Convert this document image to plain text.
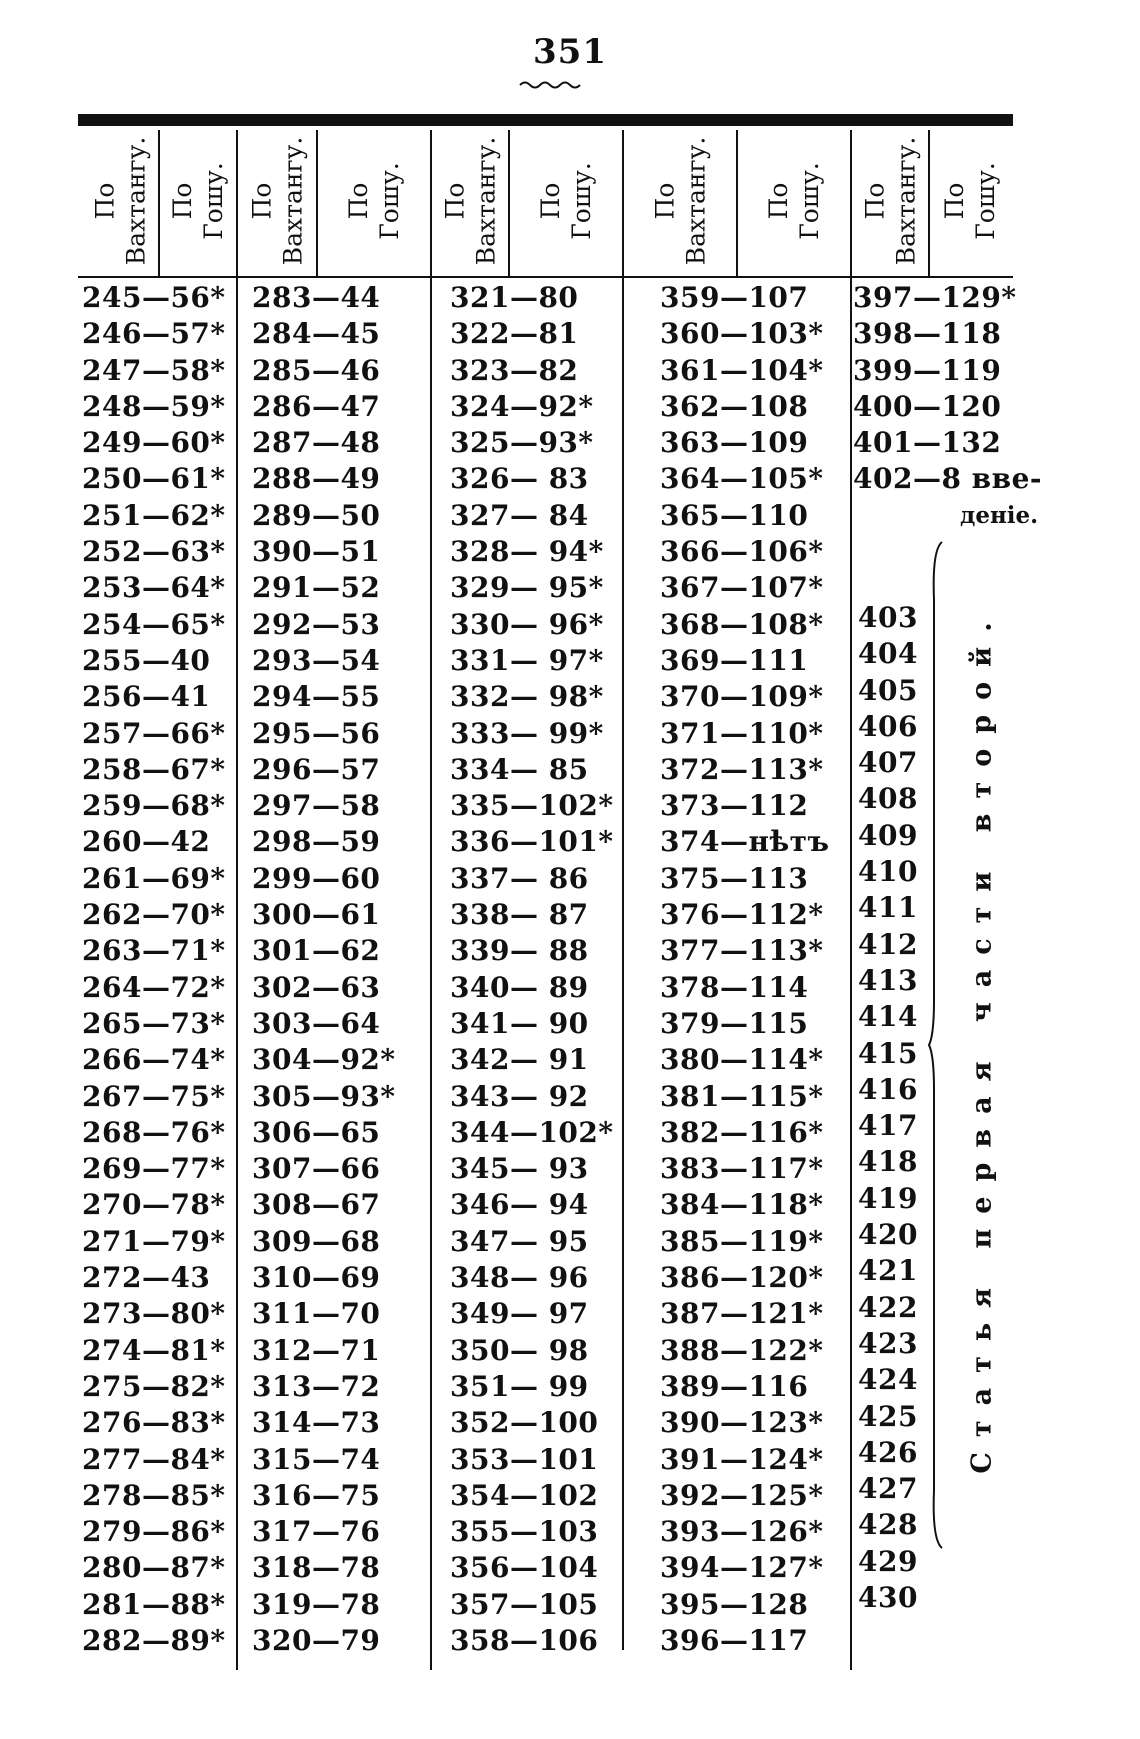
351
По
Вахтангу. По
Гошу. По
Вахтангу. По
Гошу. По
Вахтангу. По
Гошу. По
Вахтангу. По
Гошу. По
Вахтангу. По
Гошу.
245—56*
246—57*
247—58*
248—59*
249—60*
250—61*
251—62*
252—63*
253—64*
254—65*
255—40
256—41
257—66*
258—67*
259—68*
260—42
261—69*
262—70*
263—71*
264—72*
265—73*
266—74*
267—75*
268—76*
269—77*
270—78*
271—79*
272—43
273—80*
274—81*
275—82*
276—83*
277—84*
278—85*
279—86*
280—87*
281—88*
282—89*
283—44
284—45
285—46
286—47
287—48
288—49
289—50
390—51
291—52
292—53
293—54
294—55
295—56
296—57
297—58
298—59
299—60
300—61
301—62
302—63
303—64
304—92*
305—93*
306—65
307—66
308—67
309—68
310—69
311—70
312—71
313—72
314—73
315—74
316—75
317—76
318—78
319—78
320—79
321—80
322—81
323—82
324—92*
325—93*
326— 83
327— 84
328— 94*
329— 95*
330— 96*
331— 97*
332— 98*
333— 99*
334— 85
335—102*
336—101*
337— 86
338— 87
339— 88
340— 89
341— 90
342— 91
343— 92
344—102*
345— 93
346— 94
347— 95
348— 96
349— 97
350— 98
351— 99
352—100
353—101
354—102
355—103
356—104
357—105
358—106
359—107
360—103*
361—104*
362—108
363—109
364—105*
365—110
366—106*
367—107*
368—108*
369—111
370—109*
371—110*
372—113*
373—112
374—нѣтъ
375—113
376—112*
377—113*
378—114
379—115
380—114*
381—115*
382—116*
383—117*
384—118*
385—119*
386—120*
387—121*
388—122*
389—116
390—123*
391—124*
392—125*
393—126*
394—127*
395—128
396—117
397—129*
398—118
399—119
400—120
401—132
402—8 вве-
деніе.
403
404
405
406
407
408
409
410
411
412
413
414
415
416
417
418
419
420
421
422
423
424
425
426
427
428
429
430
Статья первая части второй.
